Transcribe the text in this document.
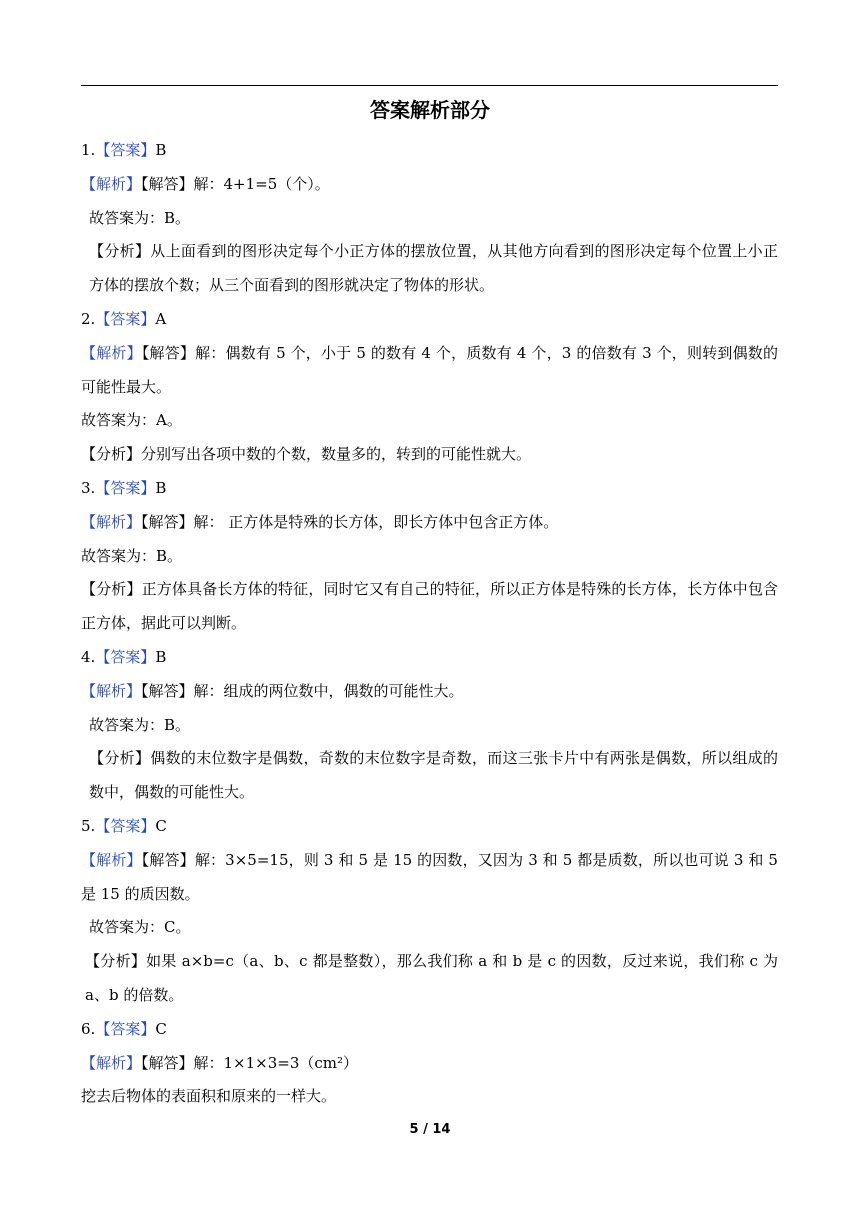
答案解析部分
1.【答案】B
【解析】【解答】解：4+1=5（个）。
故答案为：B。
【分析】从上面看到的图形决定每个小正方体的摆放位置，从其他方向看到的图形决定每个位置上小正方体的摆放个数；从三个面看到的图形就决定了物体的形状。
2.【答案】A
【解析】【解答】解：偶数有 5 个，小于 5 的数有 4 个，质数有 4 个，3 的倍数有 3 个，则转到偶数的可能性最大。
故答案为：A。
【分析】分别写出各项中数的个数，数量多的，转到的可能性就大。
3.【答案】B
【解析】【解答】解： 正方体是特殊的长方体，即长方体中包含正方体。
故答案为：B。
【分析】正方体具备长方体的特征，同时它又有自己的特征，所以正方体是特殊的长方体，长方体中包含正方体，据此可以判断。
4.【答案】B
【解析】【解答】解：组成的两位数中，偶数的可能性大。
故答案为：B。
【分析】偶数的末位数字是偶数，奇数的末位数字是奇数，而这三张卡片中有两张是偶数，所以组成的数中，偶数的可能性大。
5.【答案】C
【解析】【解答】解：3×5=15，则 3 和 5 是 15 的因数，又因为 3 和 5 都是质数，所以也可说 3 和 5 是 15 的质因数。
故答案为：C。
【分析】如果 a×b=c（a、b、c 都是整数），那么我们称 a 和 b 是 c 的因数，反过来说，我们称 c 为 a、b 的倍数。
6.【答案】C
【解析】【解答】解：1×1×3=3（cm²）
挖去后物体的表面积和原来的一样大。
5 / 14
